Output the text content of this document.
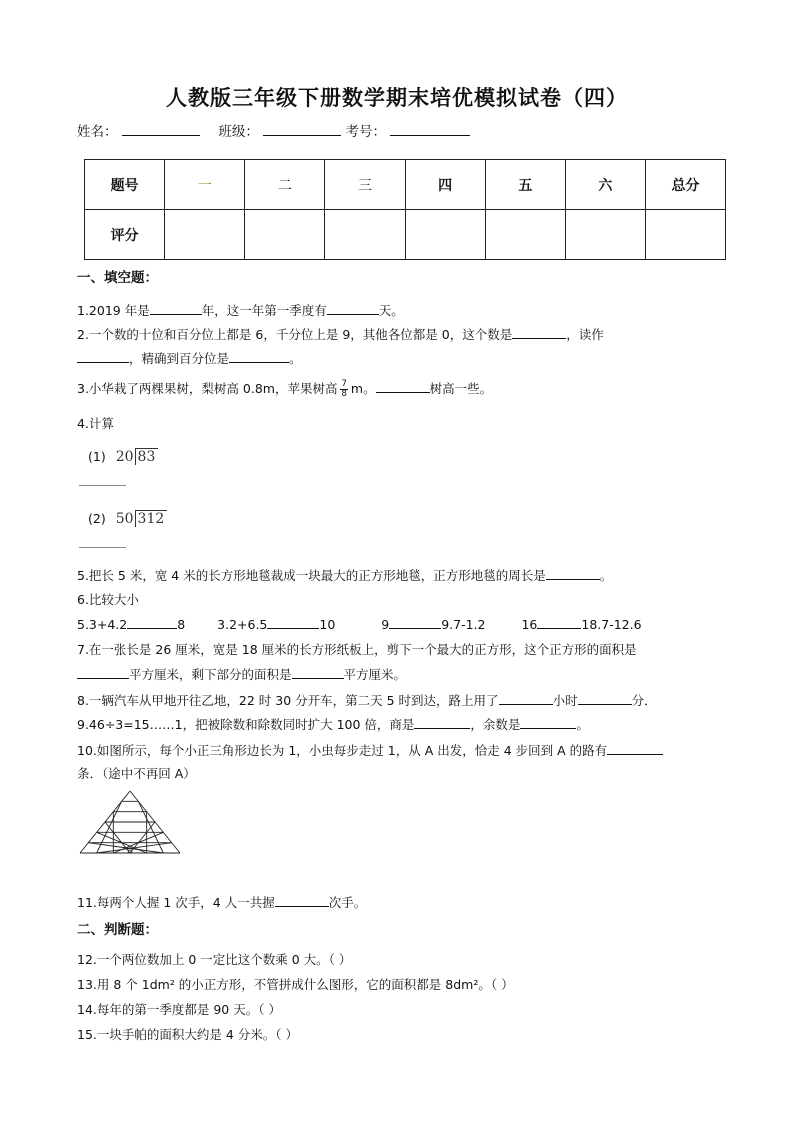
人教版三年级下册数学期末培优模拟试卷（四）
姓名：	班级：	考号：
题号	一	二	三	四	五	六	总分
评分							
一、填空题：
1.2019 年是	年，这一年第一季度有	天。
2.一个数的十位和百分位上都是 6，千分位上是 9，其他各位都是 0，这个数是	，读作
，精确到百分位是	。
3.小华栽了两棵果树，梨树高 0.8m，苹果树高 $\frac{7}{8}$ m。	树高一些。
4.计算
(1) 20 83
(2) 50 312
5.把长 5 米，宽 4 米的长方形地毯裁成一块最大的正方形地毯，正方形地毯的周长是	。
6.比较大小
5.3+4.2	8	3.2+6.5	10	9	9.7-1.2	16	18.7-12.6
7.在一张长是 26 厘米，宽是 18 厘米的长方形纸板上，剪下一个最大的正方形，这个正方形的面积是
平方厘米，剩下部分的面积是	平方厘米。
8.一辆汽车从甲地开往乙地，22 时 30 分开车，第二天 5 时到达，路上用了	小时	分．
9.46÷3=15……1，把被除数和除数同时扩大 100 倍，商是	，余数是	。
10.如图所示，每个小正三角形边长为 1，小虫每步走过 1，从 A 出发，恰走 4 步回到 A 的路有
条．（途中不再回 A）
A
11.每两个人握 1 次手，4 人一共握	次手。
二、判断题：
12.一个两位数加上 0 一定比这个数乘 0 大。（ ）
13.用 8 个 1dm² 的小正方形，不管拼成什么图形，它的面积都是 8dm²。（ ）
14.每年的第一季度都是 90 天。（ ）
15.一块手帕的面积大约是 4 分米。（ ）
